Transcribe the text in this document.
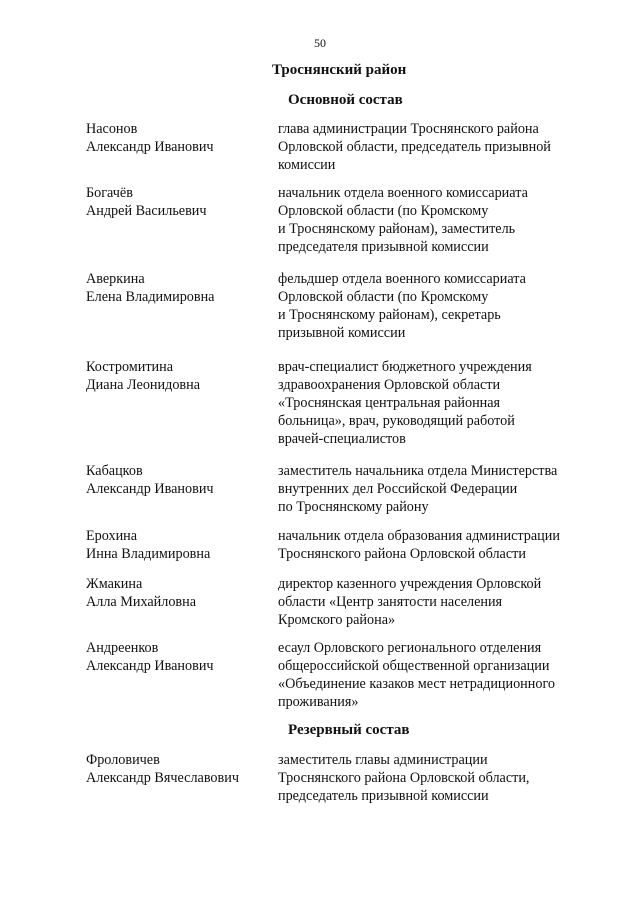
50
Троснянский район
Основной состав
Насонов
Александр Иванович
глава администрации Троснянского района
Орловской области, председатель призывной
комиссии
Богачёв
Андрей Васильевич
начальник отдела военного комиссариата
Орловской области (по Кромскому
и Троснянскому районам), заместитель
председателя призывной комиссии
Аверкина
Елена Владимировна
фельдшер отдела военного комиссариата
Орловской области (по Кромскому
и Троснянскому районам), секретарь
призывной комиссии
Костромитина
Диана Леонидовна
врач-специалист бюджетного учреждения
здравоохранения Орловской области
«Троснянская центральная районная
больница», врач, руководящий работой
врачей-специалистов
Кабацков
Александр Иванович
заместитель начальника отдела Министерства
внутренних дел Российской Федерации
по Троснянскому району
Ерохина
Инна Владимировна
начальник отдела образования администрации
Троснянского района Орловской области
Жмакина
Алла Михайловна
директор казенного учреждения Орловской
области «Центр занятости населения
Кромского района»
Андреенков
Александр Иванович
есаул Орловского регионального отделения
общероссийской общественной организации
«Объединение казаков мест нетрадиционного
проживания»
Резервный состав
Фроловичев
Александр Вячеславович
заместитель главы администрации
Троснянского района Орловской области,
председатель призывной комиссии
